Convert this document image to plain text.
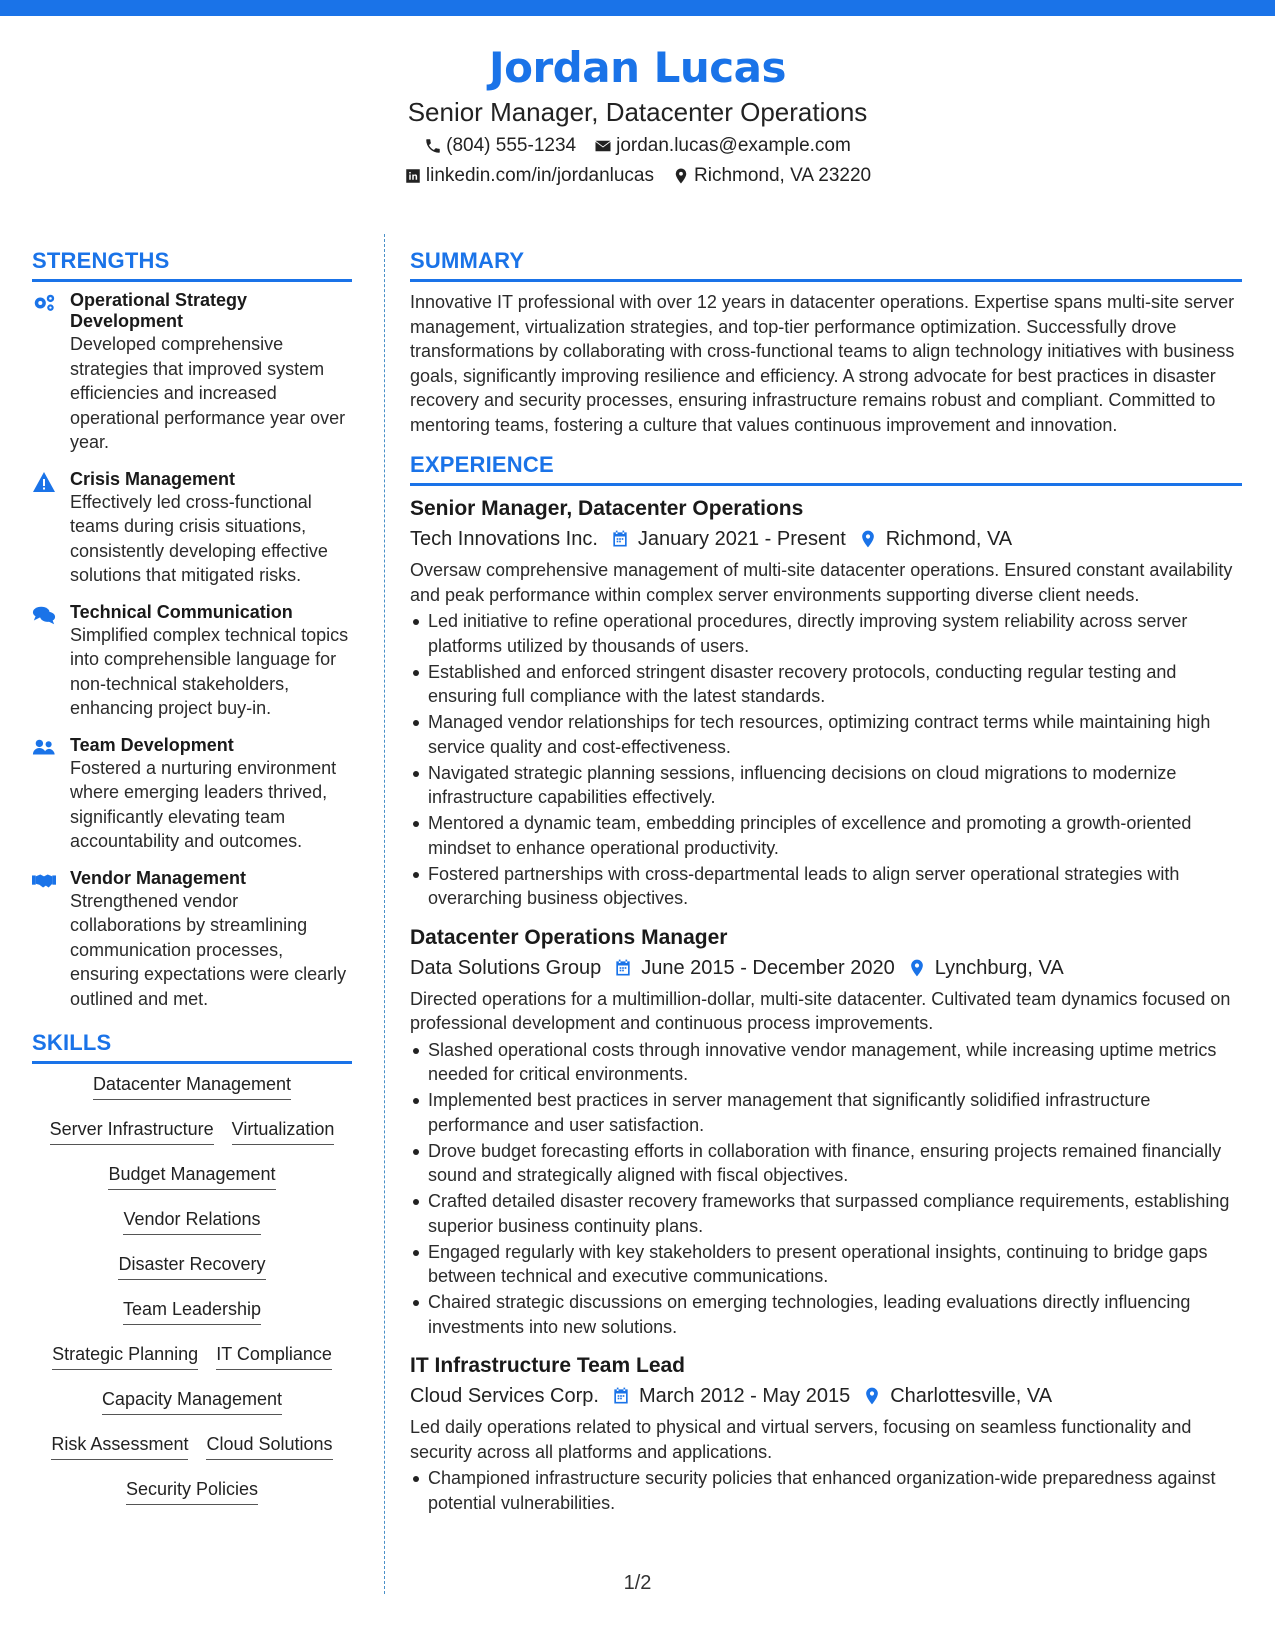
Jordan Lucas
Senior Manager, Datacenter Operations
(804) 555-1234 jordan.lucas@example.com
linkedin.com/in/jordanlucas Richmond, VA 23220
STRENGTHS
Operational Strategy Development
Developed comprehensive strategies that improved system efficiencies and increased operational performance year over year.
Crisis Management
Effectively led cross-functional teams during crisis situations, consistently developing effective solutions that mitigated risks.
Technical Communication
Simplified complex technical topics into comprehensible language for non-technical stakeholders, enhancing project buy-in.
Team Development
Fostered a nurturing environment where emerging leaders thrived, significantly elevating team accountability and outcomes.
Vendor Management
Strengthened vendor collaborations by streamlining communication processes, ensuring expectations were clearly outlined and met.
SKILLS
Datacenter Management
Server Infrastructure Virtualization
Budget Management
Vendor Relations
Disaster Recovery
Team Leadership
Strategic Planning IT Compliance
Capacity Management
Risk Assessment Cloud Solutions
Security Policies
SUMMARY
Innovative IT professional with over 12 years in datacenter operations. Expertise spans multi-site server management, virtualization strategies, and top-tier performance optimization. Successfully drove transformations by collaborating with cross-functional teams to align technology initiatives with business goals, significantly improving resilience and efficiency. A strong advocate for best practices in disaster recovery and security processes, ensuring infrastructure remains robust and compliant. Committed to mentoring teams, fostering a culture that values continuous improvement and innovation.
EXPERIENCE
Senior Manager, Datacenter Operations
Tech Innovations Inc. January 2021 - Present Richmond, VA
Oversaw comprehensive management of multi-site datacenter operations. Ensured constant availability and peak performance within complex server environments supporting diverse client needs.
Led initiative to refine operational procedures, directly improving system reliability across server platforms utilized by thousands of users.
Established and enforced stringent disaster recovery protocols, conducting regular testing and ensuring full compliance with the latest standards.
Managed vendor relationships for tech resources, optimizing contract terms while maintaining high service quality and cost-effectiveness.
Navigated strategic planning sessions, influencing decisions on cloud migrations to modernize infrastructure capabilities effectively.
Mentored a dynamic team, embedding principles of excellence and promoting a growth-oriented mindset to enhance operational productivity.
Fostered partnerships with cross-departmental leads to align server operational strategies with overarching business objectives.
Datacenter Operations Manager
Data Solutions Group June 2015 - December 2020 Lynchburg, VA
Directed operations for a multimillion-dollar, multi-site datacenter. Cultivated team dynamics focused on professional development and continuous process improvements.
Slashed operational costs through innovative vendor management, while increasing uptime metrics needed for critical environments.
Implemented best practices in server management that significantly solidified infrastructure performance and user satisfaction.
Drove budget forecasting efforts in collaboration with finance, ensuring projects remained financially sound and strategically aligned with fiscal objectives.
Crafted detailed disaster recovery frameworks that surpassed compliance requirements, establishing superior business continuity plans.
Engaged regularly with key stakeholders to present operational insights, continuing to bridge gaps between technical and executive communications.
Chaired strategic discussions on emerging technologies, leading evaluations directly influencing investments into new solutions.
IT Infrastructure Team Lead
Cloud Services Corp. March 2012 - May 2015 Charlottesville, VA
Led daily operations related to physical and virtual servers, focusing on seamless functionality and security across all platforms and applications.
Championed infrastructure security policies that enhanced organization-wide preparedness against potential vulnerabilities.
1/2
